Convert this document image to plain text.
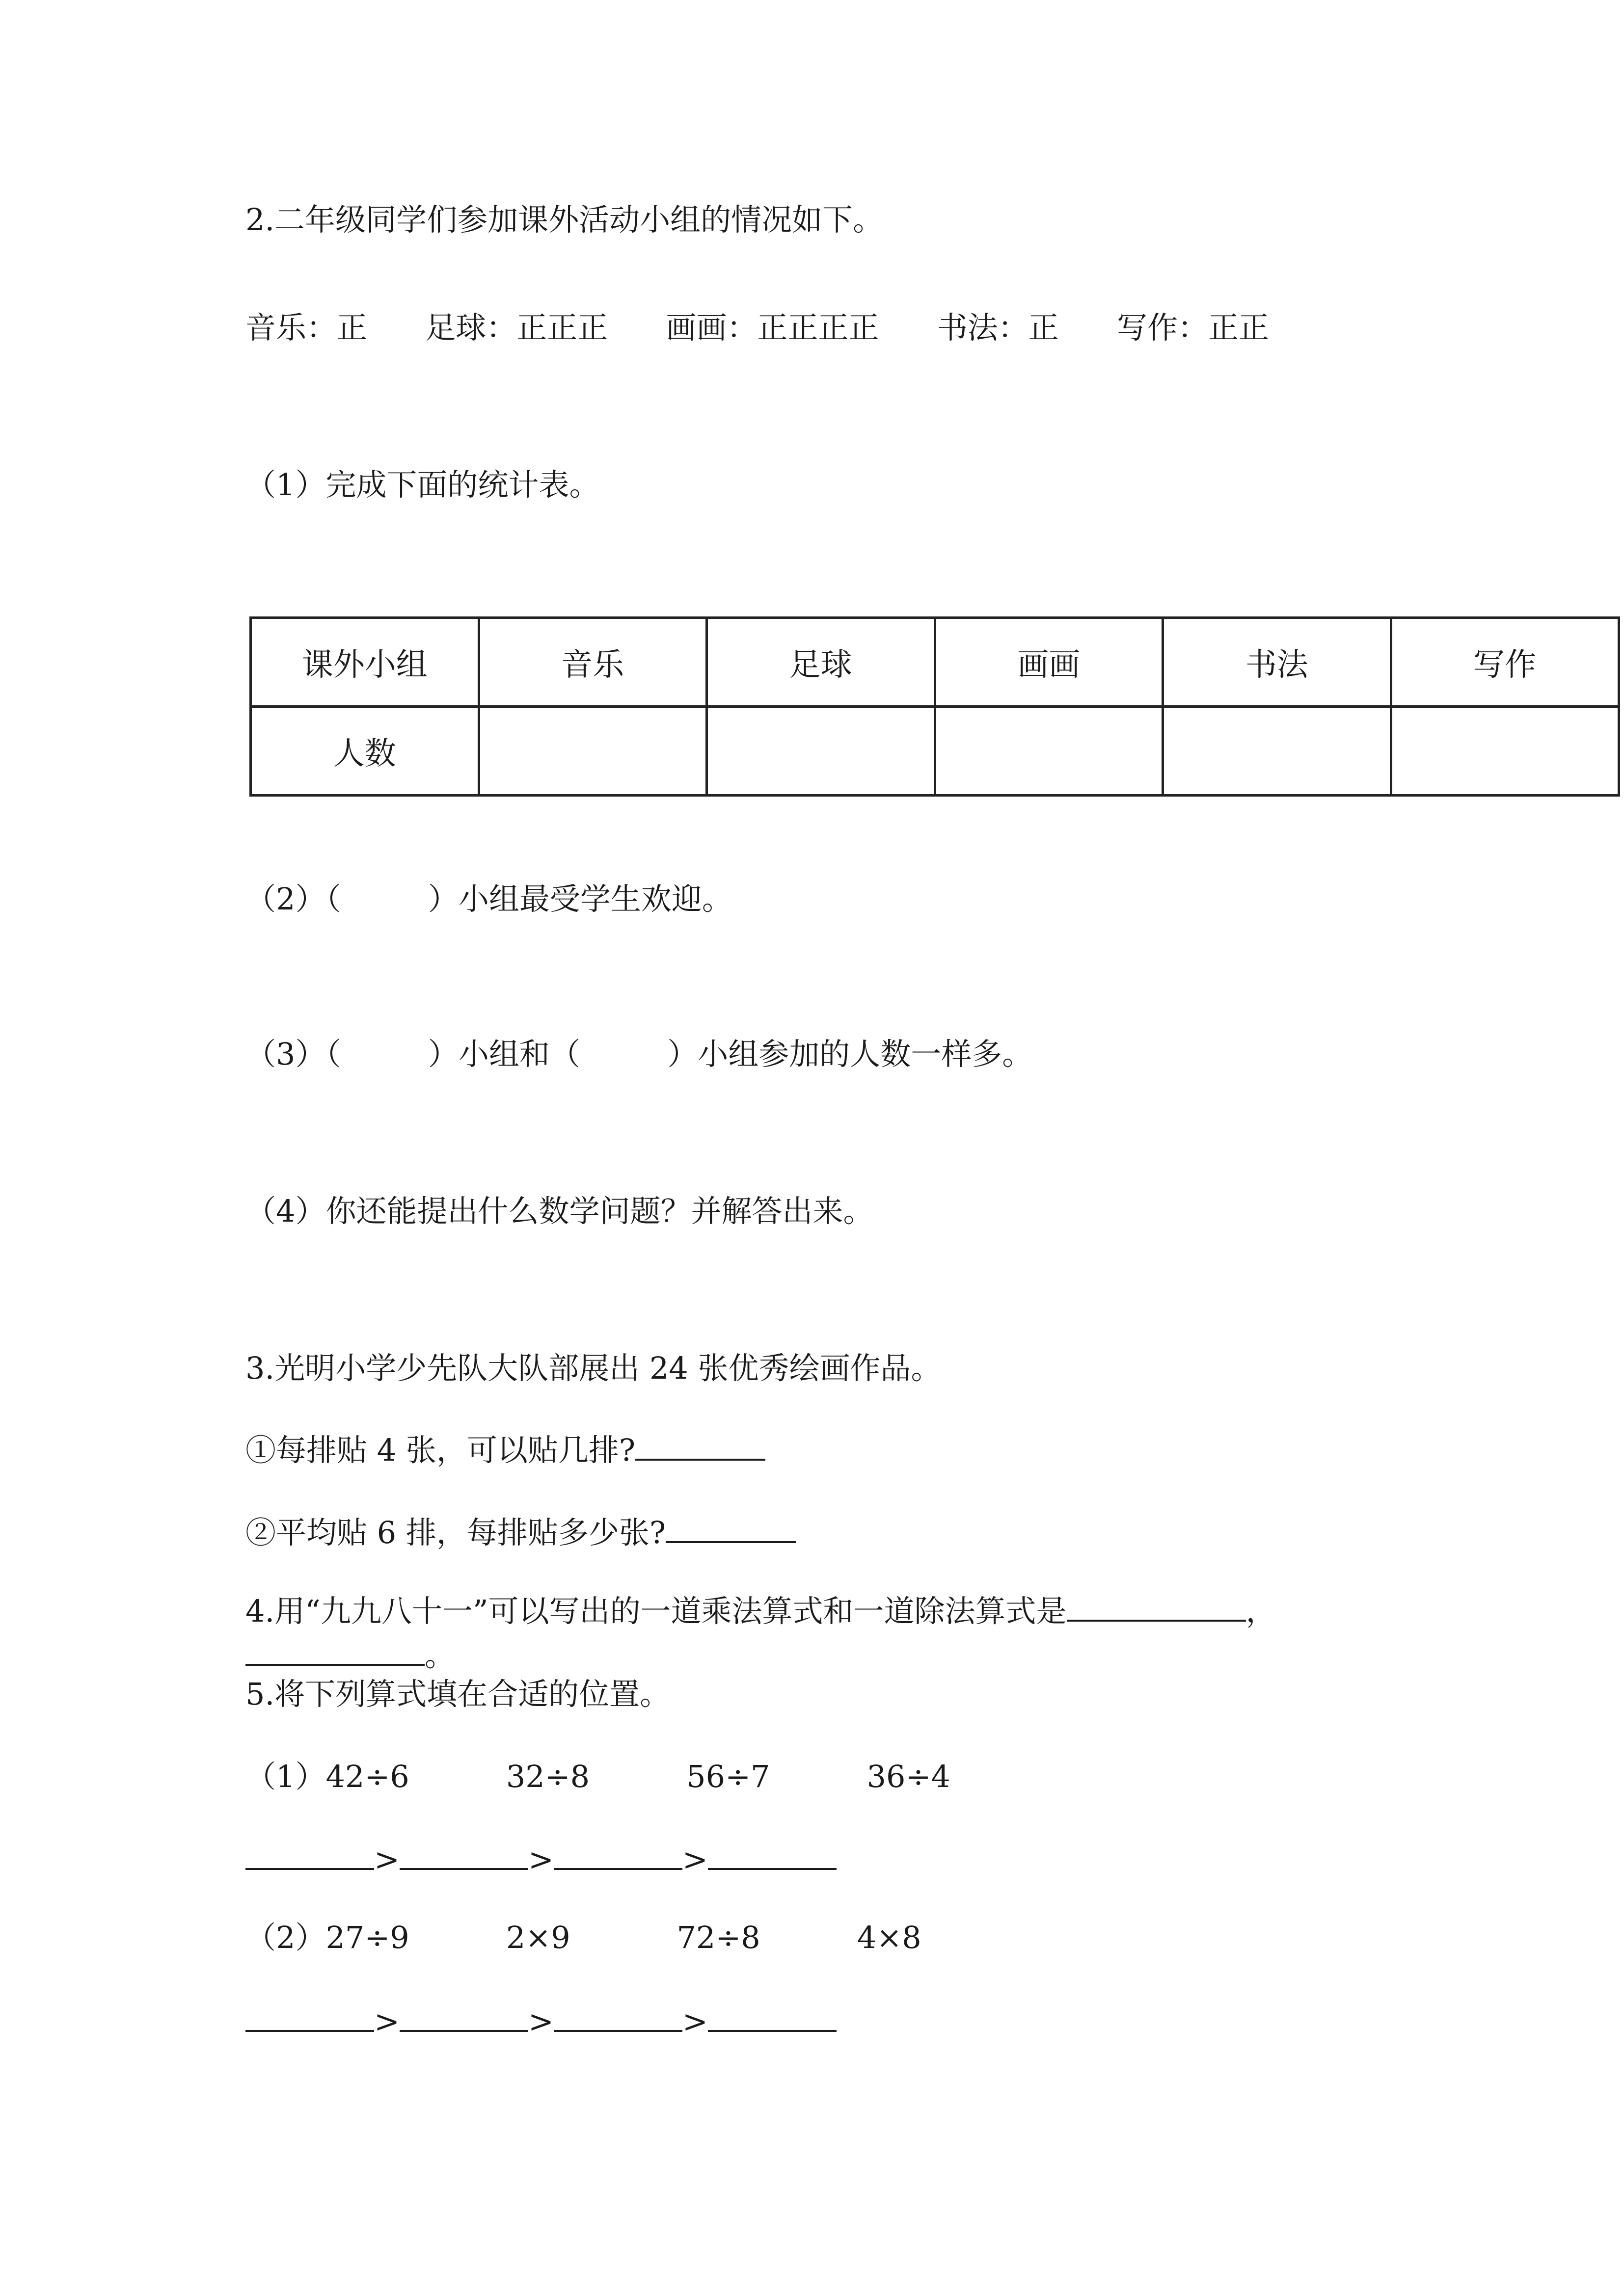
2.二年级同学们参加课外活动小组的情况如下。
音乐：正      足球：正正正      画画：正正正正      书法：正      写作：正正
（1）完成下面的统计表。
课外小组	音乐	足球	画画	书法	写作
人数					
（2）（         ）小组最受学生欢迎。
（3）（         ）小组和（         ）小组参加的人数一样多。
（4）你还能提出什么数学问题？并解答出来。
3.光明小学少先队大队部展出 24 张优秀绘画作品。
①每排贴 4 张，可以贴几排?
②平均贴 6 排，每排贴多少张?
4.用“九九八十一”可以写出的一道乘法算式和一道除法算式是	，
。
5.将下列算式填在合适的位置。
（1）42÷6          32÷8          56÷7          36÷4
>	>	>
（2）27÷9          2×9           72÷8          4×8
>	>	>
